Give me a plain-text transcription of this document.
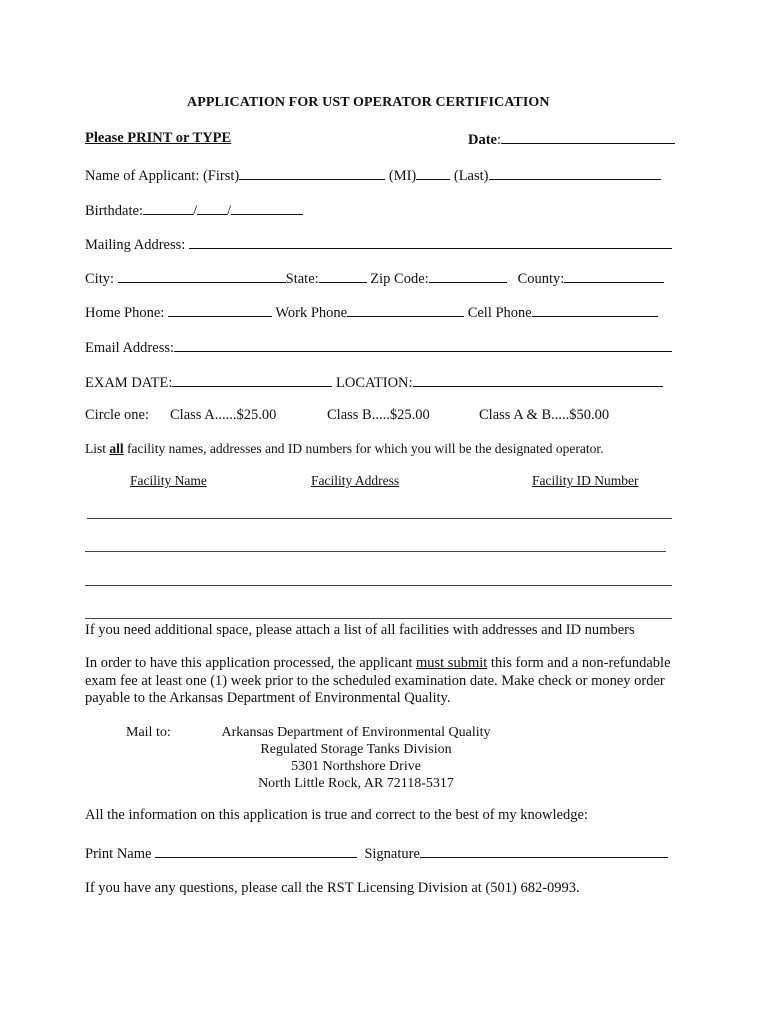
APPLICATION FOR UST OPERATOR CERTIFICATION
Please PRINT or TYPE	Date:
Name of Applicant: (First)	(MI)	(Last)
Birthdate:	/ /
Mailing Address:
City:	State:	Zip Code:	County:
Home Phone:	Work Phone	Cell Phone
Email Address:
EXAM DATE:	LOCATION:
Circle one: Class A......$25.00	Class B.....$25.00	Class A & B.....$50.00
List all facility names, addresses and ID numbers for which you will be the designated operator.
Facility Name	Facility Address	Facility ID Number
If you need additional space, please attach a list of all facilities with addresses and ID numbers
In order to have this application processed, the applicant must submit this form and a non-refundable exam fee at least one (1) week prior to the scheduled examination date. Make check or money order payable to the Arkansas Department of Environmental Quality.
Mail to:	Arkansas Department of Environmental Quality
Regulated Storage Tanks Division
5301 Northshore Drive
North Little Rock, AR 72118-5317
All the information on this application is true and correct to the best of my knowledge:
Print Name	Signature
If you have any questions, please call the RST Licensing Division at (501) 682-0993.
